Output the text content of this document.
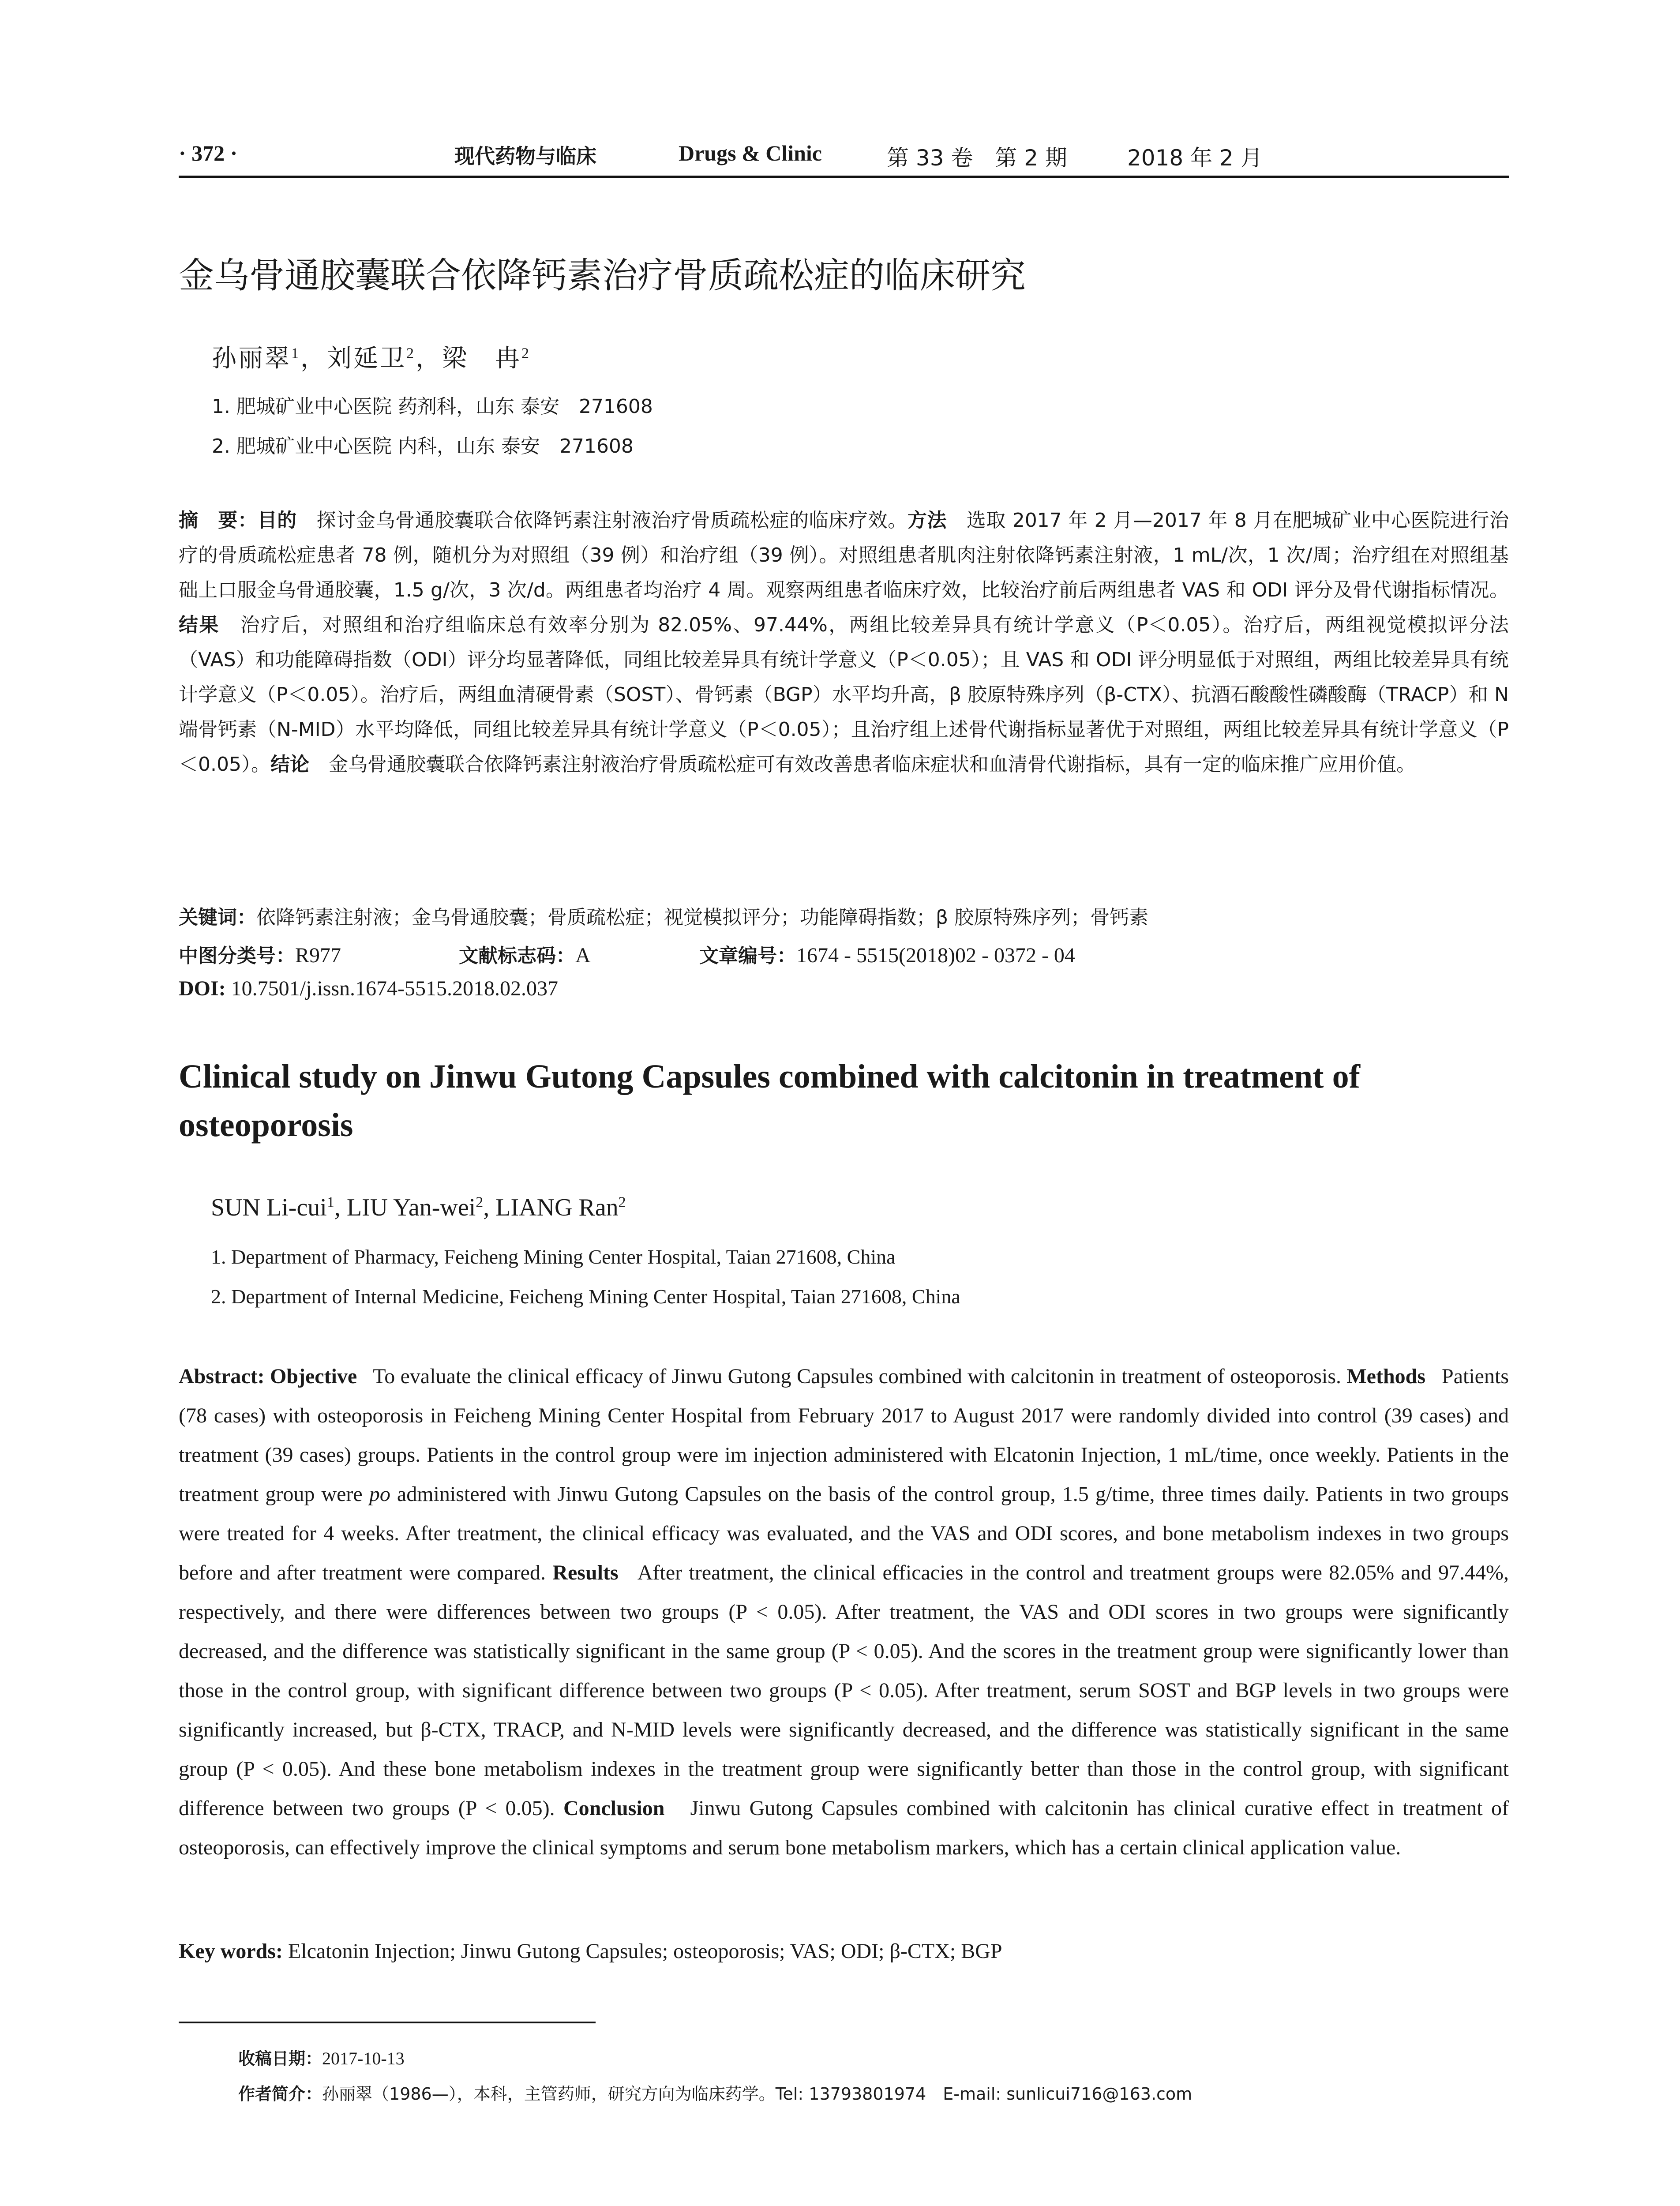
· 372 ·	现代药物与临床	Drugs & Clinic	第 33 卷　第 2 期	2018 年 2 月
金乌骨通胶囊联合依降钙素治疗骨质疏松症的临床研究
孙丽翠$^1$，刘延卫$^2$，梁　冉$^2$
1. 肥城矿业中心医院 药剂科，山东 泰安　271608
2. 肥城矿业中心医院 内科，山东 泰安　271608

摘　要：目的　 探讨金乌骨通胶囊联合依降钙素注射液治疗骨质疏松症的临床疗效。方法　 选取 2017 年 2 月—2017 年 8 月在肥城矿业中心医院进行治疗的骨质疏松症患者 78 例，随机分为对照组（39 例）和治疗组（39 例）。对照组患者肌肉注射依降钙素注射液，1 mL/次，1 次/周；治疗组在对照组基础上口服金乌骨通胶囊，1.5 g/次，3 次/d。两组患者均治疗 4 周。观察两组患者临床疗效，比较治疗前后两组患者 VAS 和 ODI 评分及骨代谢指标情况。结果　 治疗后，对照组和治疗组临床总有效率分别为 82.05%、97.44%，两组比较差异具有统计学意义（P＜0.05）。治疗后，两组视觉模拟评分法（VAS）和功能障碍指数（ODI）评分均显著降低，同组比较差异具有统计学意义（P＜0.05）；且 VAS 和 ODI 评分明显低于对照组，两组比较差异具有统计学意义（P＜0.05）。治疗后，两组血清硬骨素（SOST）、骨钙素（BGP）水平均升高，β 胶原特殊序列（β-CTX）、抗酒石酸酸性磷酸酶（TRACP）和 N 端骨钙素（N-MID）水平均降低，同组比较差异具有统计学意义（P＜0.05）；且治疗组上述骨代谢指标显著优于对照组，两组比较差异具有统计学意义（P＜0.05）。结论　 金乌骨通胶囊联合依降钙素注射液治疗骨质疏松症可有效改善患者临床症状和血清骨代谢指标，具有一定的临床推广应用价值。

关键词：依降钙素注射液；金乌骨通胶囊；骨质疏松症；视觉模拟评分；功能障碍指数；β 胶原特殊序列；骨钙素
中图分类号：R977	文献标志码：A	文章编号：1674 - 5515(2018)02 - 0372 - 04
DOI: 10.7501/j.issn.1674-5515.2018.02.037
Clinical study on Jinwu Gutong Capsules combined with calcitonin in treatment of osteoporosis
SUN Li-cui$^1$, LIU Yan-wei$^2$, LIANG Ran$^2$
1. Department of Pharmacy, Feicheng Mining Center Hospital, Taian 271608, China
2. Department of Internal Medicine, Feicheng Mining Center Hospital, Taian 271608, China

Abstract: Objective To evaluate the clinical efficacy of Jinwu Gutong Capsules combined with calcitonin in treatment of osteoporosis. Methods Patients (78 cases) with osteoporosis in Feicheng Mining Center Hospital from February 2017 to August 2017 were randomly divided into control (39 cases) and treatment (39 cases) groups. Patients in the control group were im injection administered with Elcatonin Injection, 1 mL/time, once weekly. Patients in the treatment group were po administered with Jinwu Gutong Capsules on the basis of the control group, 1.5 g/time, three times daily. Patients in two groups were treated for 4 weeks. After treatment, the clinical efficacy was evaluated, and the VAS and ODI scores, and bone metabolism indexes in two groups before and after treatment were compared. Results After treatment, the clinical efficacies in the control and treatment groups were 82.05% and 97.44%, respectively, and there were differences between two groups (P < 0.05). After treatment, the VAS and ODI scores in two groups were significantly decreased, and the difference was statistically significant in the same group (P < 0.05). And the scores in the treatment group were significantly lower than those in the control group, with significant difference between two groups (P < 0.05). After treatment, serum SOST and BGP levels in two groups were significantly increased, but β-CTX, TRACP, and N-MID levels were significantly decreased, and the difference was statistically significant in the same group (P < 0.05). And these bone metabolism indexes in the treatment group were significantly better than those in the control group, with significant difference between two groups (P < 0.05). Conclusion Jinwu Gutong Capsules combined with calcitonin has clinical curative effect in treatment of osteoporosis, can effectively improve the clinical symptoms and serum bone metabolism markers, which has a certain clinical application value.

Key words: Elcatonin Injection; Jinwu Gutong Capsules; osteoporosis; VAS; ODI; β-CTX; BGP
收稿日期：2017-10-13
作者简介：孙丽翠（1986—），本科，主管药师，研究方向为临床药学。Tel: 13793801974　E-mail: sunlicui716@163.com
